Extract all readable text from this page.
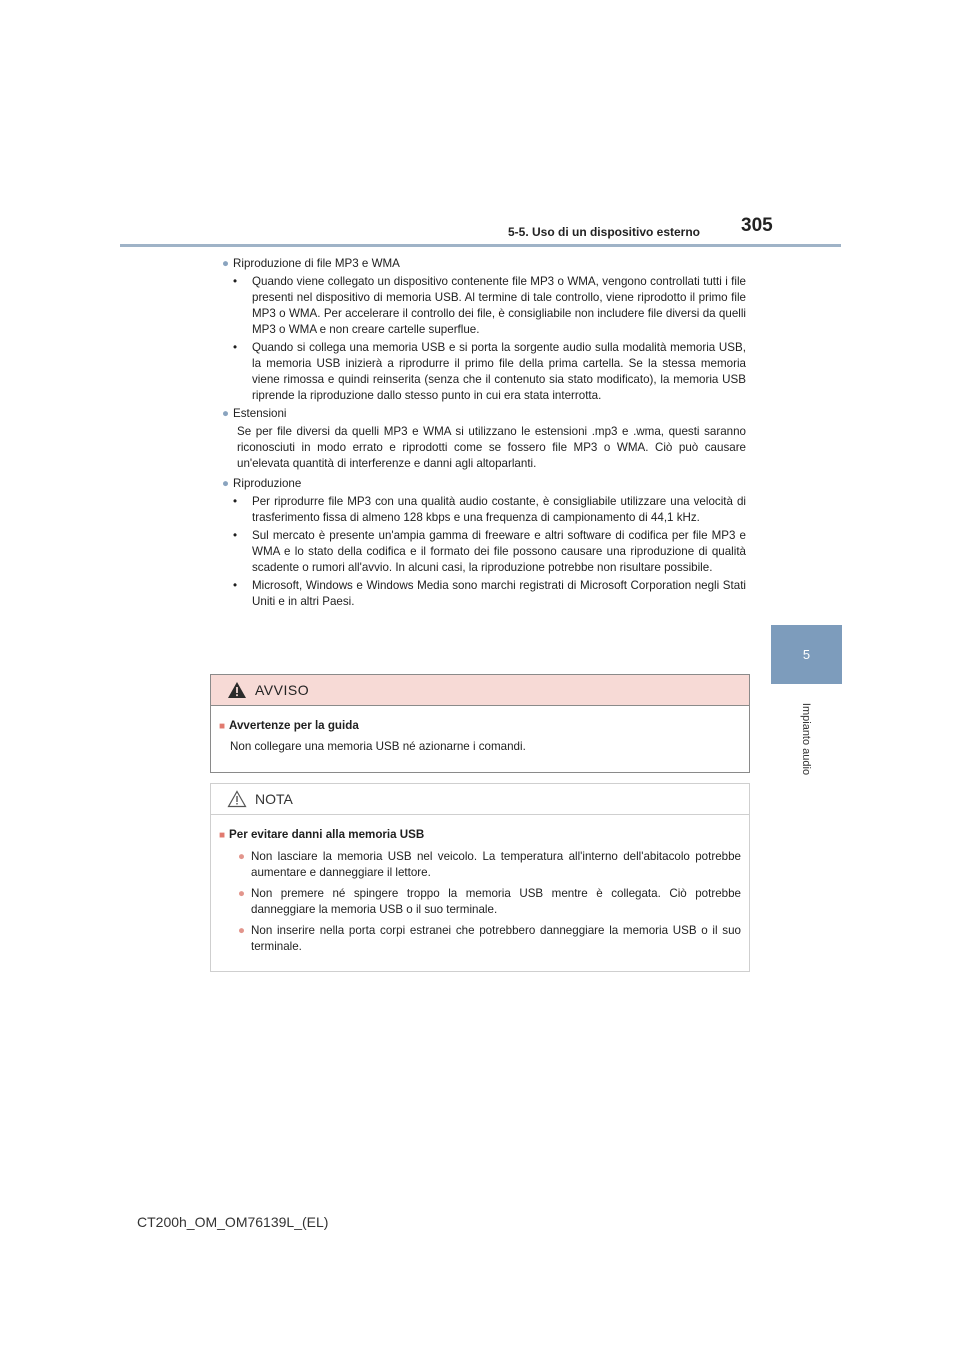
5-5. Uso di un dispositivo esterno 305
5
Impianto audio

● Riproduzione di file MP3 e WMA

• Quando viene collegato un dispositivo contenente file MP3 o WMA, vengono controllati tutti i file presenti nel dispositivo di memoria USB. Al termine di tale controllo, viene riprodotto il primo file MP3 o WMA. Per accelerare il controllo dei file, è consigliabile non includere file diversi da quelli MP3 o WMA e non creare cartelle superflue.

• Quando si collega una memoria USB e si porta la sorgente audio sulla modalità memoria USB, la memoria USB inizierà a riprodurre il primo file della prima cartella. Se la stessa memoria viene rimossa e quindi reinserita (senza che il contenuto sia stato modificato), la memoria USB riprende la riproduzione dallo stesso punto in cui era stata interrotta.

● Estensioni

Se per file diversi da quelli MP3 e WMA si utilizzano le estensioni .mp3 e .wma, questi saranno riconosciuti in modo errato e riprodotti come se fossero file MP3 o WMA. Ciò può causare un'elevata quantità di interferenze e danni agli altoparlanti.

● Riproduzione

• Per riprodurre file MP3 con una qualità audio costante, è consigliabile utilizzare una velocità di trasferimento fissa di almeno 128 kbps e una frequenza di campionamento di 44,1 kHz.

• Sul mercato è presente un'ampia gamma di freeware e altri software di codifica per file MP3 e WMA e lo stato della codifica e il formato dei file possono causare una riproduzione di qualità scadente o rumori all'avvio. In alcuni casi, la riproduzione potrebbe non risultare possibile.

• Microsoft, Windows e Windows Media sono marchi registrati di Microsoft Corporation negli Stati Uniti e in altri Paesi.

AVVISO
■ Avvertenze per la guida
Non collegare una memoria USB né azionarne i comandi.
NOTA
■ Per evitare danni alla memoria USB
● Non lasciare la memoria USB nel veicolo. La temperatura all'interno dell'abitacolo potrebbe aumentare e danneggiare il lettore.
● Non premere né spingere troppo la memoria USB mentre è collegata. Ciò potrebbe danneggiare la memoria USB o il suo terminale.
● Non inserire nella porta corpi estranei che potrebbero danneggiare la memoria USB o il suo terminale.
CT200h_OM_OM76139L_(EL)
